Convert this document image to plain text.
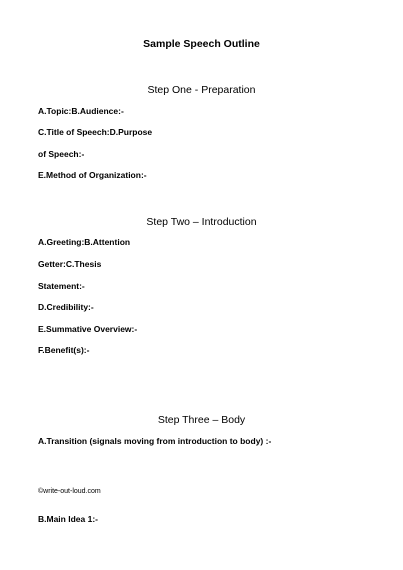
Sample Speech Outline
Step One - Preparation
A.Topic:B.Audience:-
C.Title of Speech:D.Purpose
of Speech:-
E.Method of Organization:-
Step Two – Introduction
A.Greeting:B.Attention
Getter:C.Thesis
Statement:-
D.Credibility:-
E.Summative Overview:-
F.Benefit(s):-
Step Three – Body
A.Transition (signals moving from introduction to body) :-
©write-out-loud.com
B.Main Idea 1:-
